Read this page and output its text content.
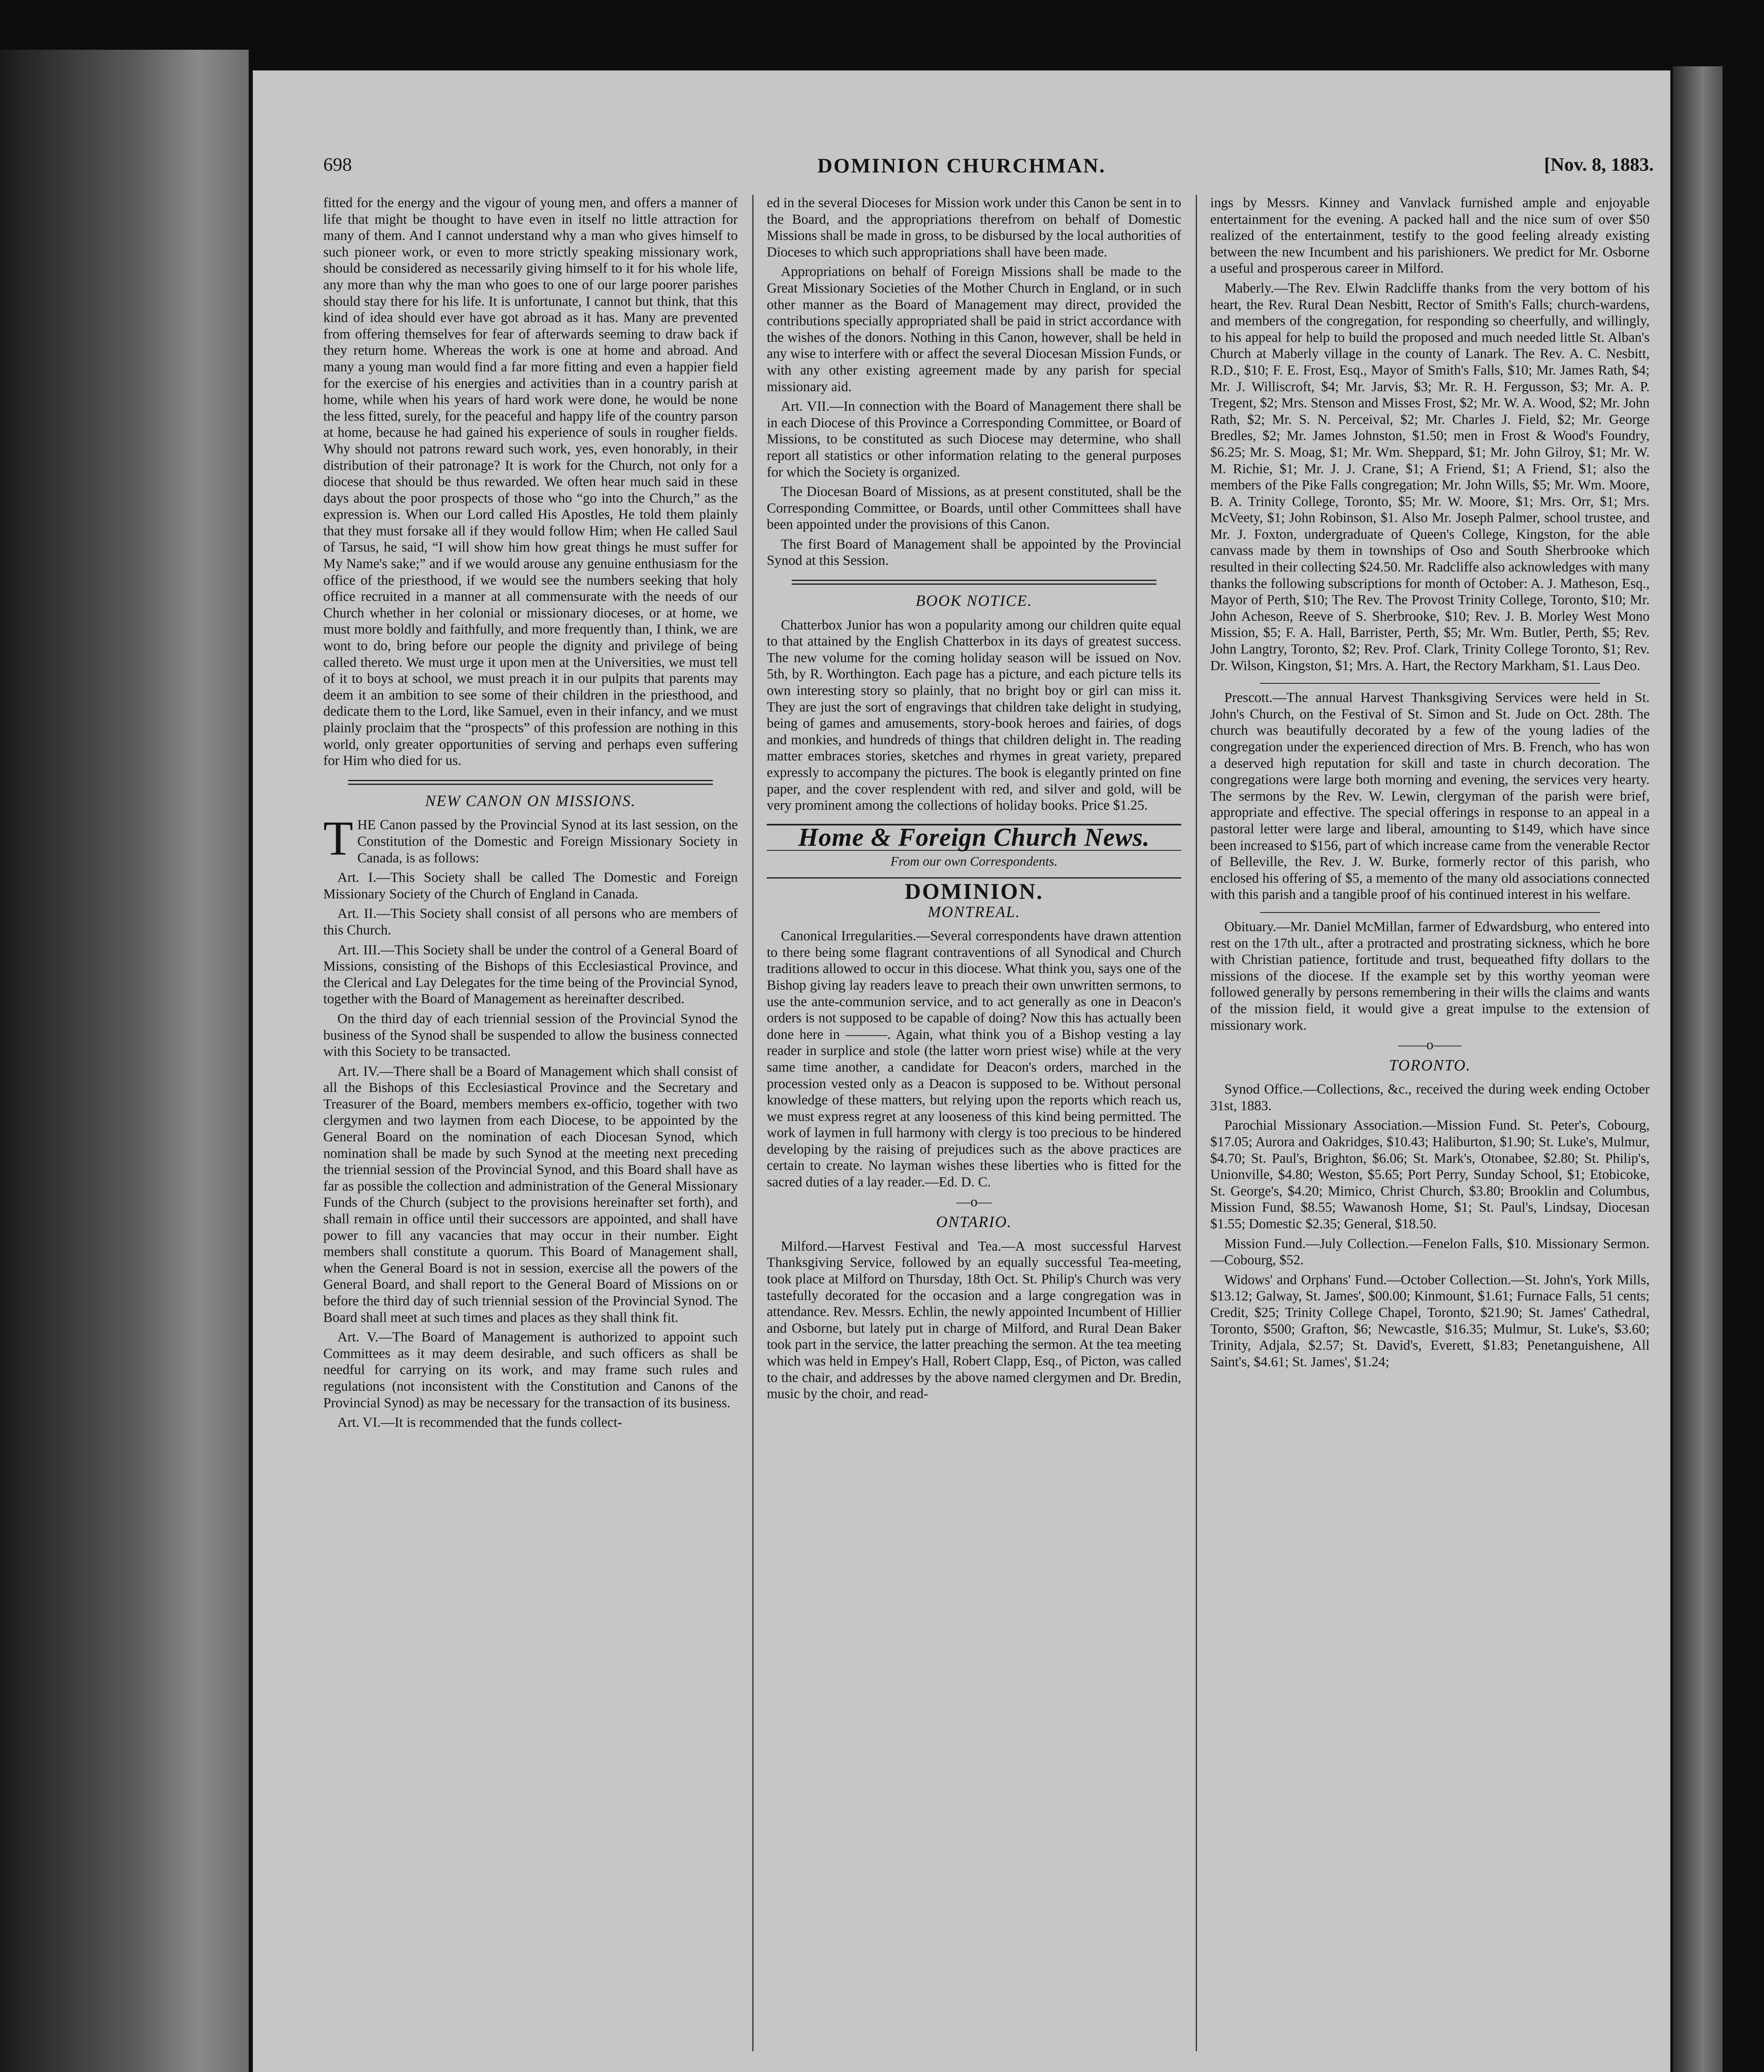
698	DOMINION CHURCHMAN.	[Nov. 8, 1883.

fitted for the energy and the vigour of young men, and offers a manner of life that might be thought to have even in itself no little attraction for many of them. And I cannot understand why a man who gives himself to such pioneer work, or even to more strictly speaking missionary work, should be considered as necessarily giving himself to it for his whole life, any more than why the man who goes to one of our large poorer parishes should stay there for his life. It is unfortunate, I cannot but think, that this kind of idea should ever have got abroad as it has. Many are prevented from offering themselves for fear of afterwards seeming to draw back if they return home. Whereas the work is one at home and abroad. And many a young man would find a far more fitting and even a happier field for the exercise of his energies and activities than in a country parish at home, while when his years of hard work were done, he would be none the less fitted, surely, for the peaceful and happy life of the country parson at home, because he had gained his experience of souls in rougher fields. Why should not patrons reward such work, yes, even honorably, in their distribution of their patronage? It is work for the Church, not only for a diocese that should be thus rewarded. We often hear much said in these days about the poor prospects of those who “go into the Church,” as the expression is. When our Lord called His Apostles, He told them plainly that they must forsake all if they would follow Him; when He called Saul of Tarsus, he said, “I will show him how great things he must suffer for My Name's sake;” and if we would arouse any genuine enthusiasm for the office of the priesthood, if we would see the numbers seeking that holy office recruited in a manner at all commensurate with the needs of our Church whether in her colonial or missionary dioceses, or at home, we must more boldly and faithfully, and more frequently than, I think, we are wont to do, bring before our people the dignity and privilege of being called thereto. We must urge it upon men at the Universities, we must tell of it to boys at school, we must preach it in our pulpits that parents may deem it an ambition to see some of their children in the priesthood, and dedicate them to the Lord, like Samuel, even in their infancy, and we must plainly proclaim that the “prospects” of this profession are nothing in this world, only greater opportunities of serving and perhaps even suffering for Him who died for us.

NEW CANON ON MISSIONS.

THE Canon passed by the Provincial Synod at its last session, on the Constitution of the Domestic and Foreign Missionary Society in Canada, is as follows:

Art. I.—This Society shall be called The Domestic and Foreign Missionary Society of the Church of England in Canada.

Art. II.—This Society shall consist of all persons who are members of this Church.

Art. III.—This Society shall be under the control of a General Board of Missions, consisting of the Bishops of this Ecclesiastical Province, and the Clerical and Lay Delegates for the time being of the Provincial Synod, together with the Board of Management as hereinafter described.

On the third day of each triennial session of the Provincial Synod the business of the Synod shall be suspended to allow the business connected with this Society to be transacted.

Art. IV.—There shall be a Board of Management which shall consist of all the Bishops of this Ecclesiastical Province and the Secretary and Treasurer of the Board, members members ex-officio, together with two clergymen and two laymen from each Diocese, to be appointed by the General Board on the nomination of each Diocesan Synod, which nomination shall be made by such Synod at the meeting next preceding the triennial session of the Provincial Synod, and this Board shall have as far as possible the collection and administration of the General Missionary Funds of the Church (subject to the provisions hereinafter set forth), and shall remain in office until their successors are appointed, and shall have power to fill any vacancies that may occur in their number. Eight members shall constitute a quorum. This Board of Management shall, when the General Board is not in session, exercise all the powers of the General Board, and shall report to the General Board of Missions on or before the third day of such triennial session of the Provincial Synod. The Board shall meet at such times and places as they shall think fit.

Art. V.—The Board of Management is authorized to appoint such Committees as it may deem desirable, and such officers as shall be needful for carrying on its work, and may frame such rules and regulations (not inconsistent with the Constitution and Canons of the Provincial Synod) as may be necessary for the transaction of its business.

Art. VI.—It is recommended that the funds collect-

ed in the several Dioceses for Mission work under this Canon be sent in to the Board, and the appropriations therefrom on behalf of Domestic Missions shall be made in gross, to be disbursed by the local authorities of Dioceses to which such appropriations shall have been made.

Appropriations on behalf of Foreign Missions shall be made to the Great Missionary Societies of the Mother Church in England, or in such other manner as the Board of Management may direct, provided the contributions specially appropriated shall be paid in strict accordance with the wishes of the donors. Nothing in this Canon, however, shall be held in any wise to interfere with or affect the several Diocesan Mission Funds, or with any other existing agreement made by any parish for special missionary aid.

Art. VII.—In connection with the Board of Management there shall be in each Diocese of this Province a Corresponding Committee, or Board of Missions, to be constituted as such Diocese may determine, who shall report all statistics or other information relating to the general purposes for which the Society is organized.

The Diocesan Board of Missions, as at present constituted, shall be the Corresponding Committee, or Boards, until other Committees shall have been appointed under the provisions of this Canon.

The first Board of Management shall be appointed by the Provincial Synod at this Session.

BOOK NOTICE.

Chatterbox Junior has won a popularity among our children quite equal to that attained by the English Chatterbox in its days of greatest success. The new volume for the coming holiday season will be issued on Nov. 5th, by R. Worthington. Each page has a picture, and each picture tells its own interesting story so plainly, that no bright boy or girl can miss it. They are just the sort of engravings that children take delight in studying, being of games and amusements, story-book heroes and fairies, of dogs and monkies, and hundreds of things that children delight in. The reading matter embraces stories, sketches and rhymes in great variety, prepared expressly to accompany the pictures. The book is elegantly printed on fine paper, and the cover resplendent with red, and silver and gold, will be very prominent among the collections of holiday books. Price $1.25.

Home & Foreign Church News.
From our own Correspondents.
DOMINION.
MONTREAL.

Canonical Irregularities.—Several correspondents have drawn attention to there being some flagrant contraventions of all Synodical and Church traditions allowed to occur in this diocese. What think you, says one of the Bishop giving lay readers leave to preach their own unwritten sermons, to use the ante-communion service, and to act generally as one in Deacon's orders is not supposed to be capable of doing? Now this has actually been done here in ———. Again, what think you of a Bishop vesting a lay reader in surplice and stole (the latter worn priest wise) while at the very same time another, a candidate for Deacon's orders, marched in the procession vested only as a Deacon is supposed to be. Without personal knowledge of these matters, but relying upon the reports which reach us, we must express regret at any looseness of this kind being permitted. The work of laymen in full harmony with clergy is too precious to be hindered developing by the raising of prejudices such as the above practices are certain to create. No layman wishes these liberties who is fitted for the sacred duties of a lay reader.—Ed. D. C.

—o—
ONTARIO.

Milford.—Harvest Festival and Tea.—A most successful Harvest Thanksgiving Service, followed by an equally successful Tea-meeting, took place at Milford on Thursday, 18th Oct. St. Philip's Church was very tastefully decorated for the occasion and a large congregation was in attendance. Rev. Messrs. Echlin, the newly appointed Incumbent of Hillier and Osborne, but lately put in charge of Milford, and Rural Dean Baker took part in the service, the latter preaching the sermon. At the tea meeting which was held in Empey's Hall, Robert Clapp, Esq., of Picton, was called to the chair, and addresses by the above named clergymen and Dr. Bredin, music by the choir, and read-

ings by Messrs. Kinney and Vanvlack furnished ample and enjoyable entertainment for the evening. A packed hall and the nice sum of over $50 realized of the entertainment, testify to the good feeling already existing between the new Incumbent and his parishioners. We predict for Mr. Osborne a useful and prosperous career in Milford.

Maberly.—The Rev. Elwin Radcliffe thanks from the very bottom of his heart, the Rev. Rural Dean Nesbitt, Rector of Smith's Falls; church-wardens, and members of the congregation, for responding so cheerfully, and willingly, to his appeal for help to build the proposed and much needed little St. Alban's Church at Maberly village in the county of Lanark. The Rev. A. C. Nesbitt, R.D., $10; F. E. Frost, Esq., Mayor of Smith's Falls, $10; Mr. James Rath, $4; Mr. J. Williscroft, $4; Mr. Jarvis, $3; Mr. R. H. Fergusson, $3; Mr. A. P. Tregent, $2; Mrs. Stenson and Misses Frost, $2; Mr. W. A. Wood, $2; Mr. John Rath, $2; Mr. S. N. Perceival, $2; Mr. Charles J. Field, $2; Mr. George Bredles, $2; Mr. James Johnston, $1.50; men in Frost & Wood's Foundry, $6.25; Mr. S. Moag, $1; Mr. Wm. Sheppard, $1; Mr. John Gilroy, $1; Mr. W. M. Richie, $1; Mr. J. J. Crane, $1; A Friend, $1; A Friend, $1; also the members of the Pike Falls congregation; Mr. John Wills, $5; Mr. Wm. Moore, B. A. Trinity College, Toronto, $5; Mr. W. Moore, $1; Mrs. Orr, $1; Mrs. McVeety, $1; John Robinson, $1. Also Mr. Joseph Palmer, school trustee, and Mr. J. Foxton, undergraduate of Queen's College, Kingston, for the able canvass made by them in townships of Oso and South Sherbrooke which resulted in their collecting $24.50. Mr. Radcliffe also acknowledges with many thanks the following subscriptions for month of October: A. J. Matheson, Esq., Mayor of Perth, $10; The Rev. The Provost Trinity College, Toronto, $10; Mr. John Acheson, Reeve of S. Sherbrooke, $10; Rev. J. B. Morley West Mono Mission, $5; F. A. Hall, Barrister, Perth, $5; Mr. Wm. Butler, Perth, $5; Rev. John Langtry, Toronto, $2; Rev. Prof. Clark, Trinity College Toronto, $1; Rev. Dr. Wilson, Kingston, $1; Mrs. A. Hart, the Rectory Markham, $1. Laus Deo.

Prescott.—The annual Harvest Thanksgiving Services were held in St. John's Church, on the Festival of St. Simon and St. Jude on Oct. 28th. The church was beautifully decorated by a few of the young ladies of the congregation under the experienced direction of Mrs. B. French, who has won a deserved high reputation for skill and taste in church decoration. The congregations were large both morning and evening, the services very hearty. The sermons by the Rev. W. Lewin, clergyman of the parish were brief, appropriate and effective. The special offerings in response to an appeal in a pastoral letter were large and liberal, amounting to $149, which have since been increased to $156, part of which increase came from the venerable Rector of Belleville, the Rev. J. W. Burke, formerly rector of this parish, who enclosed his offering of $5, a memento of the many old associations connected with this parish and a tangible proof of his continued interest in his welfare.

Obituary.—Mr. Daniel McMillan, farmer of Edwardsburg, who entered into rest on the 17th ult., after a protracted and prostrating sickness, which he bore with Christian patience, fortitude and trust, bequeathed fifty dollars to the missions of the diocese. If the example set by this worthy yeoman were followed generally by persons remembering in their wills the claims and wants of the mission field, it would give a great impulse to the extension of missionary work.

——o——
TORONTO.

Synod Office.—Collections, &c., received the during week ending October 31st, 1883.

Parochial Missionary Association.—Mission Fund. St. Peter's, Cobourg, $17.05; Aurora and Oakridges, $10.43; Haliburton, $1.90; St. Luke's, Mulmur, $4.70; St. Paul's, Brighton, $6.06; St. Mark's, Otonabee, $2.80; St. Philip's, Unionville, $4.80; Weston, $5.65; Port Perry, Sunday School, $1; Etobicoke, St. George's, $4.20; Mimico, Christ Church, $3.80; Brooklin and Columbus, Mission Fund, $8.55; Wawanosh Home, $1; St. Paul's, Lindsay, Diocesan $1.55; Domestic $2.35; General, $18.50.

Mission Fund.—July Collection.—Fenelon Falls, $10. Missionary Sermon.—Cobourg, $52.

Widows' and Orphans' Fund.—October Collection.—St. John's, York Mills, $13.12; Galway, St. James', $00.00; Kinmount, $1.61; Furnace Falls, 51 cents; Credit, $25; Trinity College Chapel, Toronto, $21.90; St. James' Cathedral, Toronto, $500; Grafton, $6; Newcastle, $16.35; Mulmur, St. Luke's, $3.60; Trinity, Adjala, $2.57; St. David's, Everett, $1.83; Penetanguishene, All Saint's, $4.61; St. James', $1.24;
